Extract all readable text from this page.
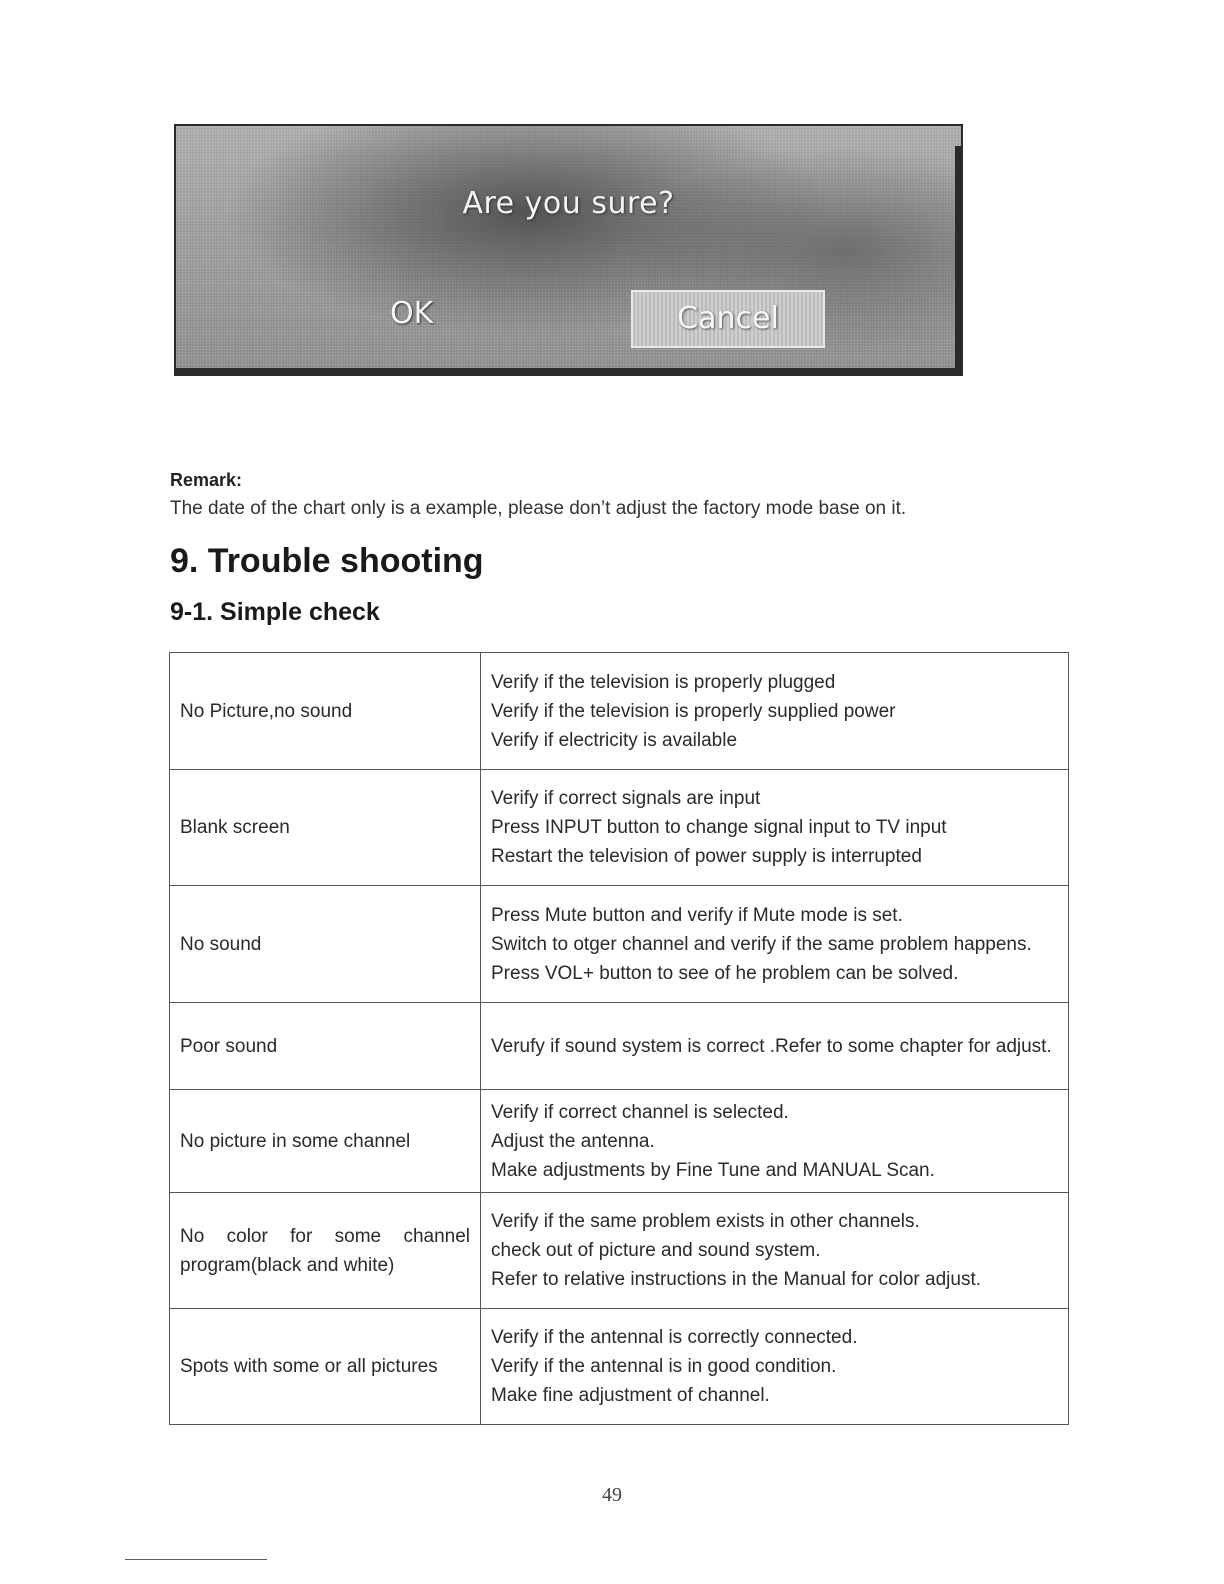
Are you sure?
OK	Cancel
Remark:
The date of the chart only is a example, please don’t adjust the factory mode base on it.
9. Trouble shooting
9-1. Simple check
No Picture,no sound	Verify if the television is properly plugged
Verify if the television is properly supplied power
Verify if electricity is available

Blank screen	Verify if correct signals are input
Press INPUT button to change signal input to TV input
Restart the television of power supply is interrupted

No sound	Press Mute button and verify if Mute mode is set.
Switch to otger channel and verify if the same problem happens.
Press VOL+ button to see of he problem can be solved.

Poor sound	Verufy if sound system is correct .Refer to some chapter for adjust.

No picture in some channel	Verify if correct channel is selected.
Adjust the antenna.
Make adjustments by Fine Tune and MANUAL Scan.

No color for some channel program(black and white)	Verify if the same problem exists in other channels.
check out of picture and sound system.
Refer to relative instructions in the Manual for color adjust.

Spots with some or all pictures	Verify if the antennal is correctly connected.
Verify if the antennal is in good condition.
Make fine adjustment of channel.
49
